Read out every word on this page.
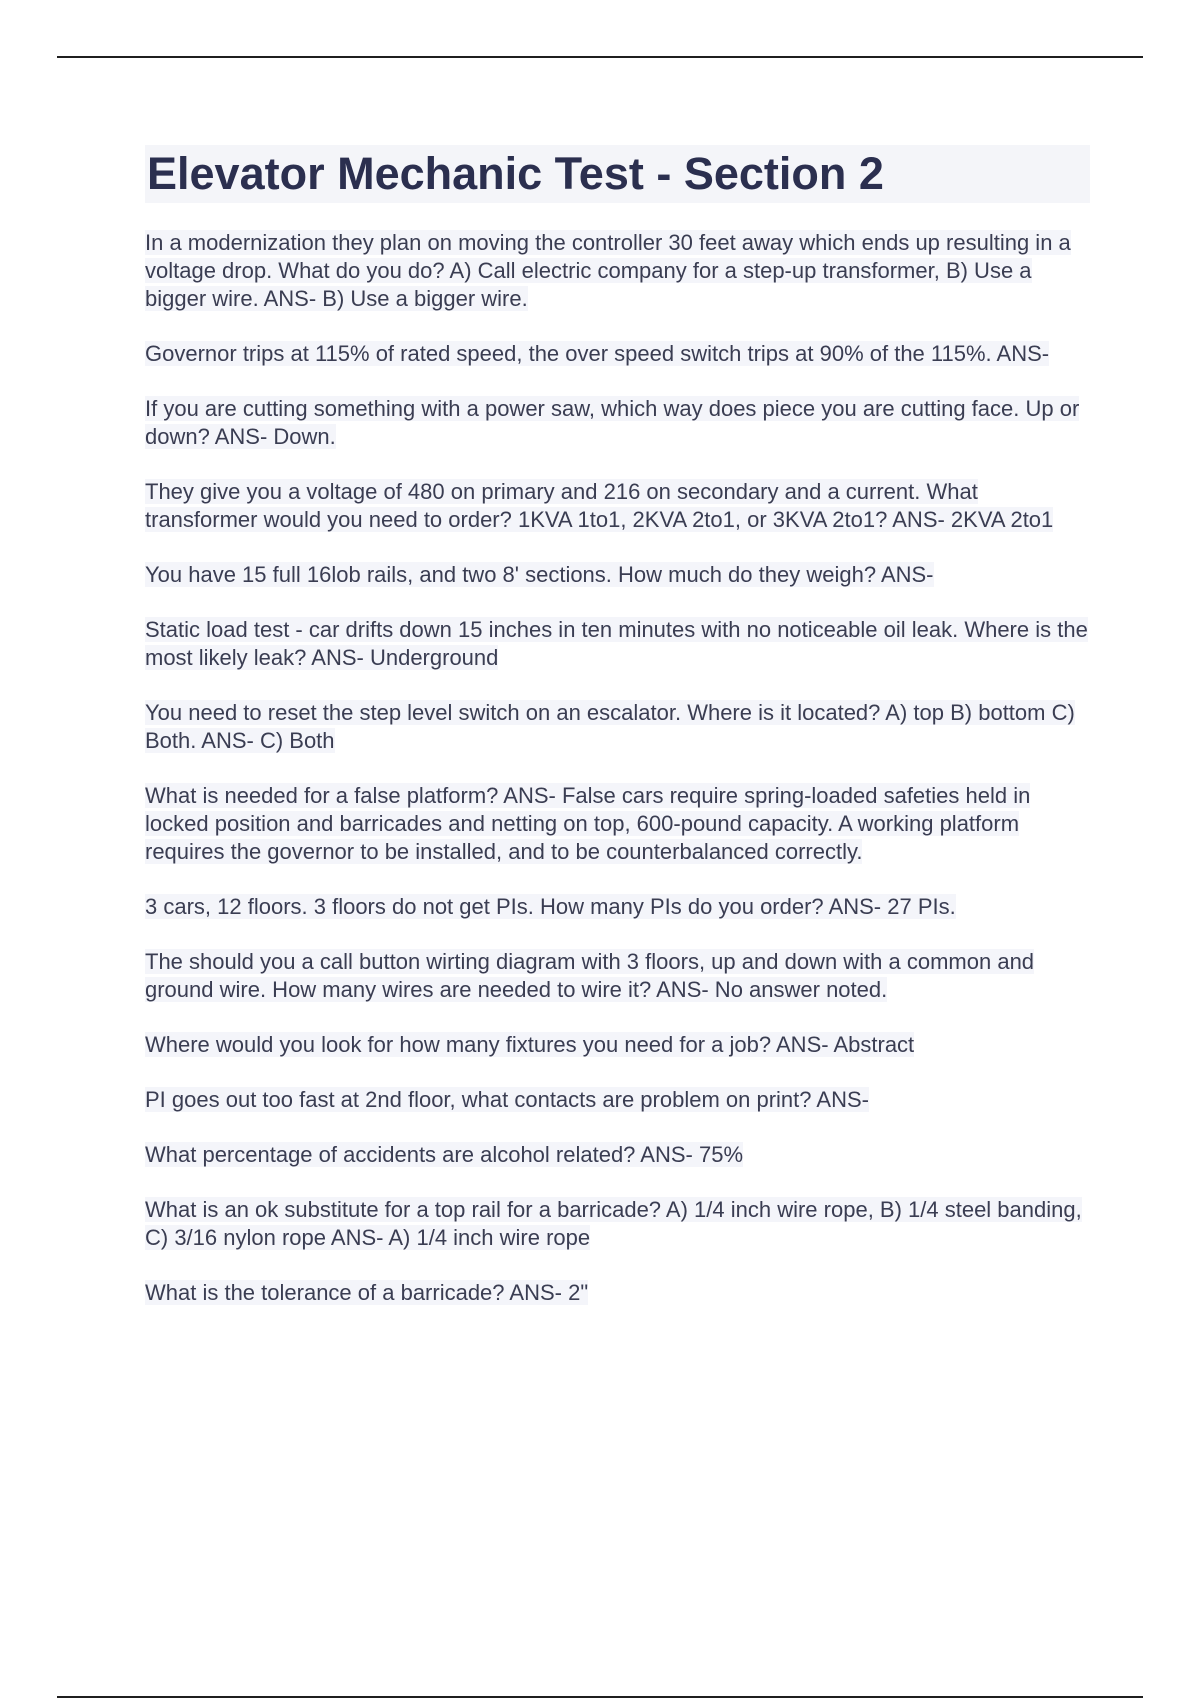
Elevator Mechanic Test - Section 2

In a modernization they plan on moving the controller 30 feet away which ends up resulting in a voltage drop. What do you do? A) Call electric company for a step-up transformer, B) Use a bigger wire. ANS- B) Use a bigger wire.

Governor trips at 115% of rated speed, the over speed switch trips at 90% of the 115%. ANS-

If you are cutting something with a power saw, which way does piece you are cutting face. Up or down? ANS- Down.

They give you a voltage of 480 on primary and 216 on secondary and a current. What transformer would you need to order? 1KVA 1to1, 2KVA 2to1, or 3KVA 2to1? ANS- 2KVA 2to1

You have 15 full 16lob rails, and two 8' sections. How much do they weigh? ANS-

Static load test - car drifts down 15 inches in ten minutes with no noticeable oil leak. Where is the most likely leak? ANS- Underground

You need to reset the step level switch on an escalator. Where is it located? A) top B) bottom C) Both. ANS- C) Both

What is needed for a false platform? ANS- False cars require spring-loaded safeties held in locked position and barricades and netting on top, 600-pound capacity. A working platform requires the governor to be installed, and to be counterbalanced correctly.

3 cars, 12 floors. 3 floors do not get PIs. How many PIs do you order? ANS- 27 PIs.

The should you a call button wirting diagram with 3 floors, up and down with a common and ground wire. How many wires are needed to wire it? ANS- No answer noted.

Where would you look for how many fixtures you need for a job? ANS- Abstract

PI goes out too fast at 2nd floor, what contacts are problem on print? ANS-

What percentage of accidents are alcohol related? ANS- 75%

What is an ok substitute for a top rail for a barricade? A) 1/4 inch wire rope, B) 1/4 steel banding, C) 3/16 nylon rope ANS- A) 1/4 inch wire rope

What is the tolerance of a barricade? ANS- 2"
